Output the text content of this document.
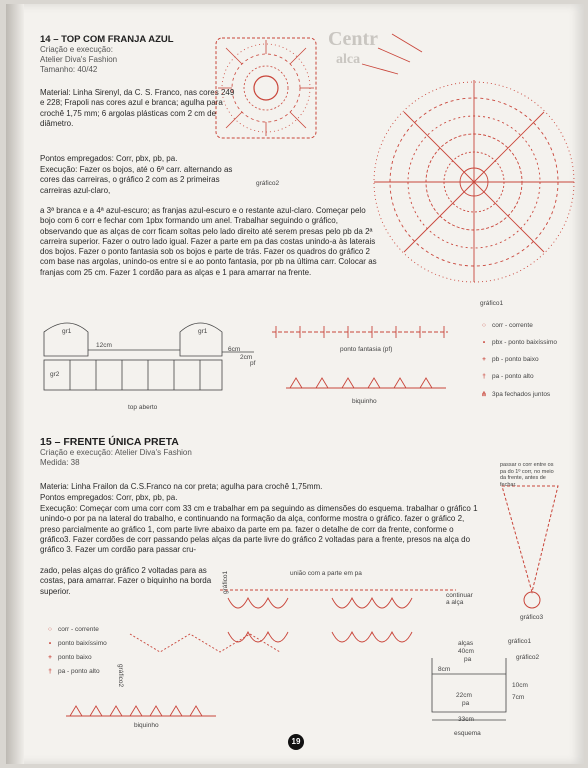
Centr
alca
14 – TOP COM FRANJA AZUL
Criação e execução:
Atelier Diva's Fashion
Tamanho: 40/42
Material: Linha Sirenyl, da C. S. Franco, nas cores 249 e 228; Frapoli nas cores azul e branca; agulha para crochê 1,75 mm; 6 argolas plásticas com 2 cm de diâmetro.
Pontos empregados: Corr, pbx, pb, pa.
Execução: Fazer os bojos, até o 6ª carr. alternando as cores das carreiras, o gráfico 2 com as 2 primeiras carreiras azul-claro,
a 3ª branca e a 4ª azul-escuro; as franjas azul-escuro e o restante azul-claro. Começar pelo bojo com 6 corr e fechar com 1pbx formando um anel. Trabalhar seguindo o gráfico, observando que as alças de corr ficam soltas pelo lado direito até serem presas pelo pb da 2ª carreira superior. Fazer o outro lado igual. Fazer a parte em pa das costas unindo-a às laterais dos bojos. Fazer o ponto fantasia sob os bojos e parte de trás. Fazer os quadros do gráfico 2 com base nas argolas, unindo-os entre si e ao ponto fantasia, por pb na última carr. Colocar as franjas com 25 cm. Fazer 1 cordão para as alças e 1 para amarrar na frente.
gráfico2
gráfico1
gr1	gr1
12cm
6cm
2cm
pf
gr2
top aberto
ponto fantasia (pf)
biquinho
○ corr - corrente
• pbx - ponto baixíssimo
+ pb - ponto baixo
† pa - ponto alto
⋔ 3pa fechados juntos
15 – FRENTE ÚNICA PRETA
Criação e execução: Atelier Diva's Fashion
Medida: 38
Materia: Linha Frailon da C.S.Franco na cor preta; agulha para crochê 1,75mm.
Pontos empregados: Corr, pbx, pb, pa.
Execução: Começar com uma corr com 33 cm e trabalhar em pa seguindo as dimensões do esquema. trabalhar o gráfico 1 unindo-o por pa na lateral do trabalho, e continuando na formação da alça, conforme mostra o gráfico. fazer o gráfico 2, preso parcialmente ao gráfico 1, com parte livre abaixo da parte em pa. fazer o detalhe de corr da frente, conforme o gráfico3. Fazer cordões de corr passando pelas alças da parte livre do gráfico 2 voltadas para a frente, presos na alça do gráfico 3. Fazer um cordão para passar cru-
zado, pelas alças do gráfico 2 voltadas para as costas, para amarrar. Fazer o biquinho na borda superior.
passar o corr entre os pa do 1º corr, no meio da frente, antes de fechar.
gráfico3
união com a parte em pa
gráfico1
gráfico2
continuar a alça
○ corr - corrente
• ponto baixíssimo
+ ponto baixo
† pa - ponto alto
biquinho
alças
40cm
pa
8cm
22cm
pa
33cm
10cm
7cm
gráfico1
gráfico2
esquema
19
